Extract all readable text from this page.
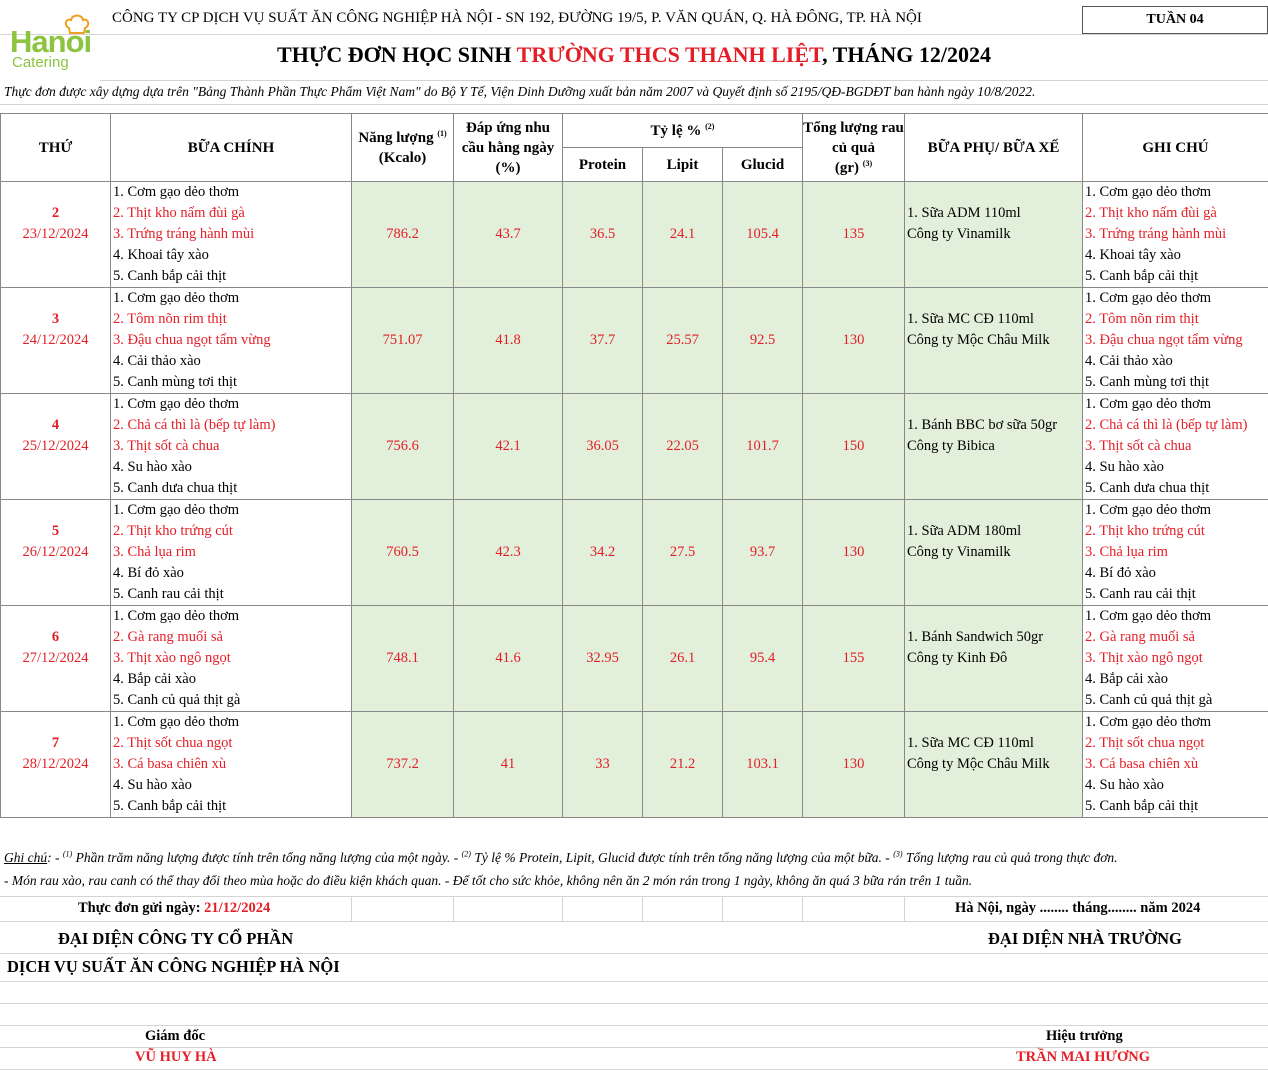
Hanoi
Catering
CÔNG TY CP DỊCH VỤ SUẤT ĂN CÔNG NGHIỆP HÀ NỘI - SN 192, ĐƯỜNG 19/5, P. VĂN QUÁN, Q. HÀ ĐÔNG, TP. HÀ NỘI	TUẦN 04
THỰC ĐƠN HỌC SINH TRƯỜNG THCS THANH LIỆT, THÁNG 12/2024
Thực đơn được xây dựng dựa trên "Bảng Thành Phần Thực Phẩm Việt Nam" do Bộ Y Tế, Viện Dinh Dưỡng xuất bản năm 2007 và Quyết định số 2195/QĐ-BGDĐT ban hành ngày 10/8/2022.
THỨ	BỮA CHÍNH	Năng lượng $^{(1)}$
(Kcalo)	Đáp ứng nhu cầu hằng ngày (%)	Tỷ lệ % $^{(2)}$			Tổng lượng rau củ quả
(gr) $^{(3)}$	BỮA PHỤ/ BỮA XẾ	GHI CHÚ
				Protein	Lipit	Glucid			
	1. Cơm gạo dẻo thơm								1. Cơm gạo dẻo thơm
2	2. Thịt kho nấm đùi gà							1. Sữa ADM 110ml	2. Thịt kho nấm đùi gà
23/12/2024	3. Trứng tráng hành mùi	786.2	43.7	36.5	24.1	105.4	135	Công ty Vinamilk	3. Trứng tráng hành mùi
	4. Khoai tây xào								4. Khoai tây xào
	5. Canh bắp cải thịt								5. Canh bắp cải thịt
	1. Cơm gạo dẻo thơm								1. Cơm gạo dẻo thơm
3	2. Tôm nõn rim thịt							1. Sữa MC CĐ 110ml	2. Tôm nõn rim thịt
24/12/2024	3. Đậu chua ngọt tẩm vừng	751.07	41.8	37.7	25.57	92.5	130	Công ty Mộc Châu Milk	3. Đậu chua ngọt tẩm vừng
	4. Cải thảo xào								4. Cải thảo xào
	5. Canh mùng tơi thịt								5. Canh mùng tơi thịt
	1. Cơm gạo dẻo thơm								1. Cơm gạo dẻo thơm
4	2. Chả cá thì là (bếp tự làm)							1. Bánh BBC bơ sữa 50gr	2. Chả cá thì là (bếp tự làm)
25/12/2024	3. Thịt sốt cà chua	756.6	42.1	36.05	22.05	101.7	150	Công ty Bibica	3. Thịt sốt cà chua
	4. Su hào xào								4. Su hào xào
	5. Canh dưa chua thịt								5. Canh dưa chua thịt
	1. Cơm gạo dẻo thơm								1. Cơm gạo dẻo thơm
5	2. Thịt kho trứng cút							1. Sữa ADM 180ml	2. Thịt kho trứng cút
26/12/2024	3. Chả lụa rim	760.5	42.3	34.2	27.5	93.7	130	Công ty Vinamilk	3. Chả lụa rim
	4. Bí đỏ xào								4. Bí đỏ xào
	5. Canh rau cải thịt								5. Canh rau cải thịt
	1. Cơm gạo dẻo thơm								1. Cơm gạo dẻo thơm
6	2. Gà rang muối sả							1. Bánh Sandwich 50gr	2. Gà rang muối sả
27/12/2024	3. Thịt xào ngô ngọt	748.1	41.6	32.95	26.1	95.4	155	Công ty Kinh Đô	3. Thịt xào ngô ngọt
	4. Bắp cải xào								4. Bắp cải xào
	5. Canh củ quả thịt gà								5. Canh củ quả thịt gà
	1. Cơm gạo dẻo thơm								1. Cơm gạo dẻo thơm
7	2. Thịt sốt chua ngọt							1. Sữa MC CĐ 110ml	2. Thịt sốt chua ngọt
28/12/2024	3. Cá basa chiên xù	737.2	41	33	21.2	103.1	130	Công ty Mộc Châu Milk	3. Cá basa chiên xù
	4. Su hào xào								4. Su hào xào
	5. Canh bắp cải thịt								5. Canh bắp cải thịt
Ghi chú: - $^{(1)}$ Phần trăm năng lượng được tính trên tổng năng lượng của một ngày. - $^{(2)}$ Tỷ lệ % Protein, Lipit, Glucid được tính trên tổng năng lượng của một bữa. - $^{(3)}$ Tổng lượng rau củ quả trong thực đơn.
- Món rau xào, rau canh có thể thay đổi theo mùa hoặc do điều kiện khách quan. - Để tốt cho sức khỏe, không nên ăn 2 món rán trong 1 ngày, không ăn quá 3 bữa rán trên 1 tuần.
Thực đơn gửi ngày: 21/12/2024	Hà Nội, ngày ........ tháng........ năm 2024
ĐẠI DIỆN CÔNG TY CỔ PHẦN
DỊCH VỤ SUẤT ĂN CÔNG NGHIỆP HÀ NỘI
ĐẠI DIỆN NHÀ TRƯỜNG
Giám đốc
VŨ HUY HÀ
Hiệu trưởng
TRẦN MAI HƯƠNG
